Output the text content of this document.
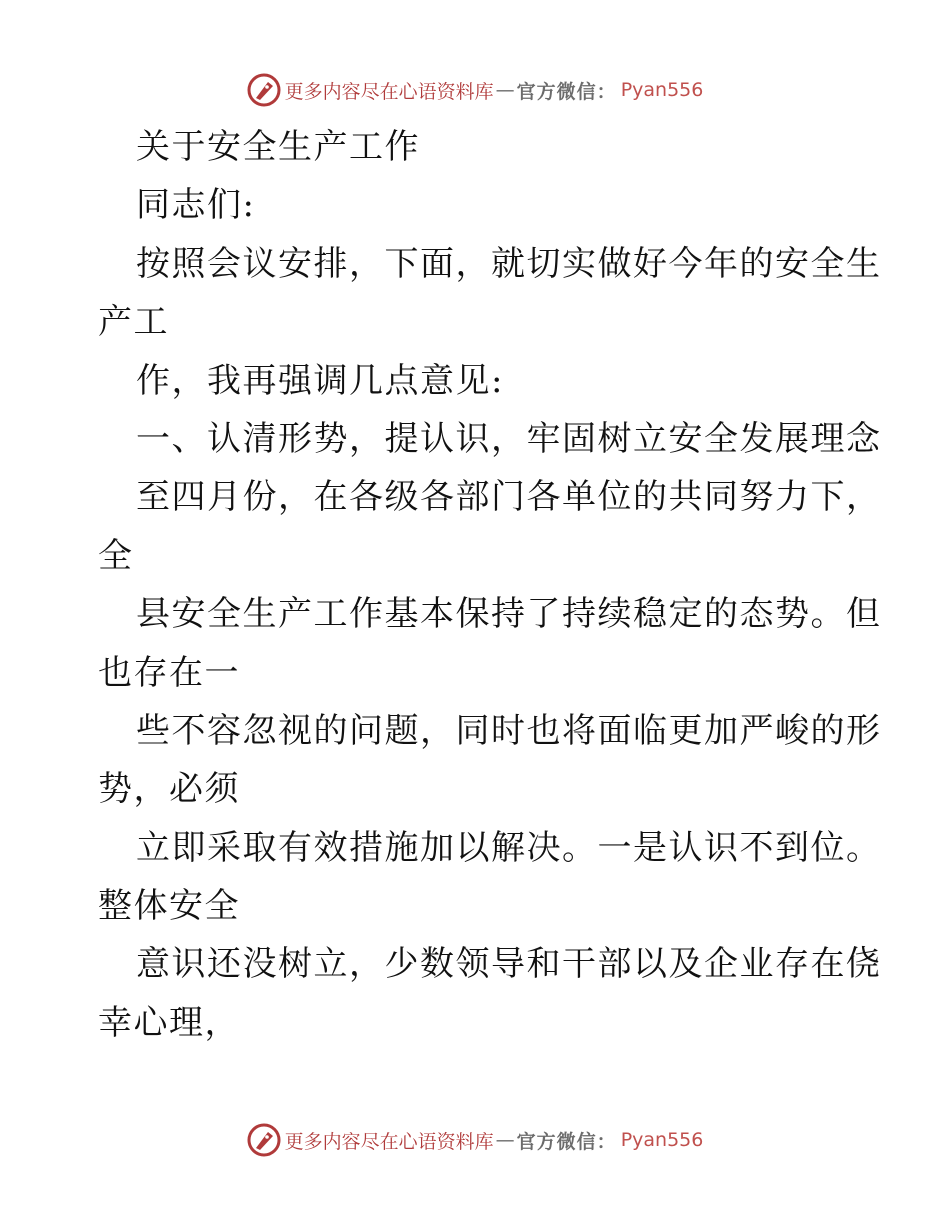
更多内容尽在心语资料库 — 官方微信： Pyan556
关于安全生产工作
同志们:
按照会议安排，下面，就切实做好今年的安全生
产工
作，我再强调几点意见:
一、认清形势，提认识，牢固树立安全发展理念
至四月份，在各级各部门各单位的共同努力下，
全
县安全生产工作基本保持了持续稳定的态势。但
也存在一
些不容忽视的问题，同时也将面临更加严峻的形
势，必须
立即采取有效措施加以解决。一是认识不到位。
整体安全
意识还没树立，少数领导和干部以及企业存在侥
幸心理，
更多内容尽在心语资料库 — 官方微信： Pyan556
